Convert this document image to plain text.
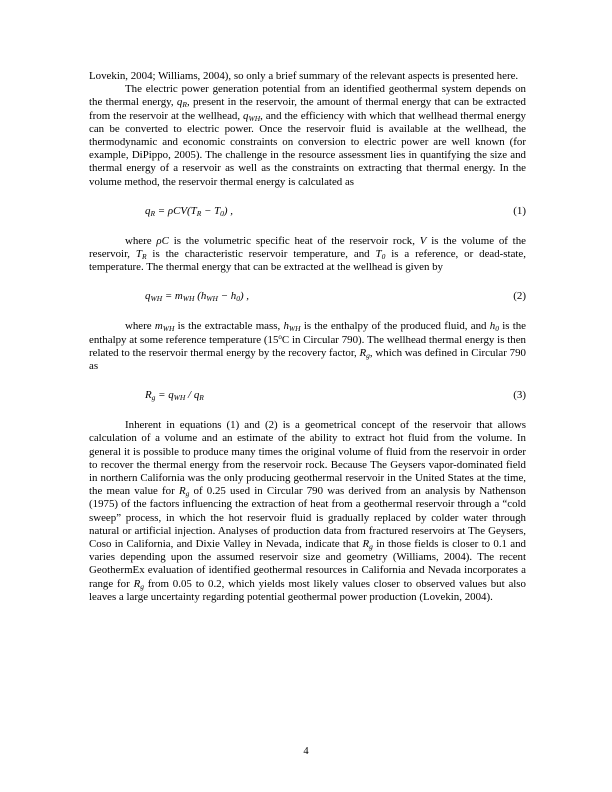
Lovekin, 2004; Williams, 2004), so only a brief summary of the relevant aspects is presented here.

The electric power generation potential from an identified geothermal system depends on the thermal energy, $q_R$, present in the reservoir, the amount of thermal energy that can be extracted from the reservoir at the wellhead, $q_{WH}$, and the efficiency with which that wellhead thermal energy can be converted to electric power. Once the reservoir fluid is available at the wellhead, the thermodynamic and economic constraints on conversion to electric power are well known (for example, DiPippo, 2005). The challenge in the resource assessment lies in quantifying the size and thermal energy of a reservoir as well as the constraints on extracting that thermal energy. In the volume method, the reservoir thermal energy is calculated as

$q_R = \rho CV(T_R - T_0)$ ,	(1)

where ρC is the volumetric specific heat of the reservoir rock, V is the volume of the reservoir, $T_R$ is the characteristic reservoir temperature, and $T_0$ is a reference, or dead-state, temperature. The thermal energy that can be extracted at the wellhead is given by

$q_{WH} = m_{WH}$ $(h_{WH} - h_0)$ ,	(2)

where $m_{WH}$ is the extractable mass, $h_{WH}$ is the enthalpy of the produced fluid, and $h_0$ is the enthalpy at some reference temperature (15$^o$C in Circular 790). The wellhead thermal energy is then related to the reservoir thermal energy by the recovery factor, $R_g$, which was defined in Circular 790 as

$R_g = q_{WH} / q_R$	(3)

Inherent in equations (1) and (2) is a geometrical concept of the reservoir that allows calculation of a volume and an estimate of the ability to extract hot fluid from the volume. In general it is possible to produce many times the original volume of fluid from the reservoir in order to recover the thermal energy from the reservoir rock. Because The Geysers vapor-dominated field in northern California was the only producing geothermal reservoir in the United States at the time, the mean value for $R_g$ of 0.25 used in Circular 790 was derived from an analysis by Nathenson (1975) of the factors influencing the extraction of heat from a geothermal reservoir through a “cold sweep” process, in which the hot reservoir fluid is gradually replaced by colder water through natural or artificial injection. Analyses of production data from fractured reservoirs at The Geysers, Coso in California, and Dixie Valley in Nevada, indicate that $R_g$ in those fields is closer to 0.1 and varies depending upon the assumed reservoir size and geometry (Williams, 2004). The recent GeothermEx evaluation of identified geothermal resources in California and Nevada incorporates a range for $R_g$ from 0.05 to 0.2, which yields most likely values closer to observed values but also leaves a large uncertainty regarding potential geothermal power production (Lovekin, 2004).

4
